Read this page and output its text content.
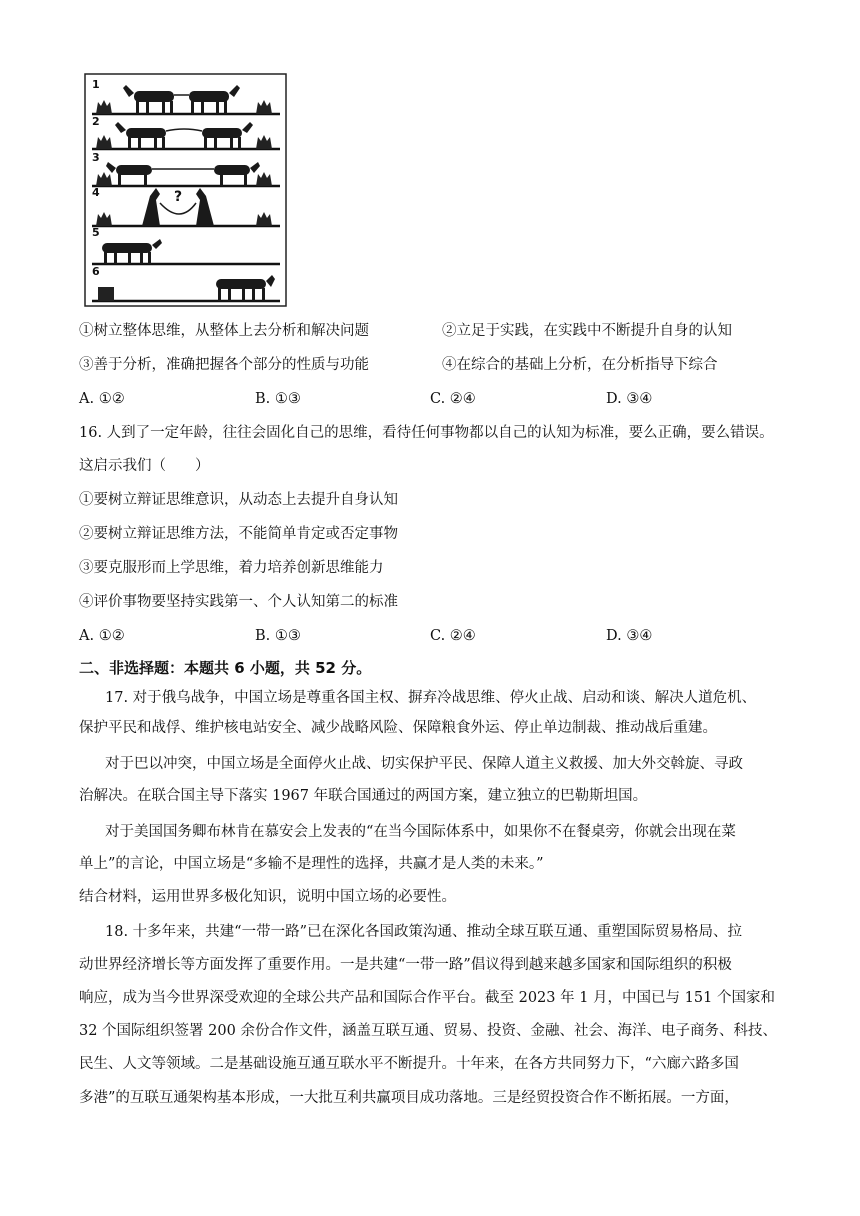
?
1
2
3
4
5
6
①树立整体思维，从整体上去分析和解决问题	②立足于实践，在实践中不断提升自身的认知
③善于分析，准确把握各个部分的性质与功能	④在综合的基础上分析，在分析指导下综合
A. ①②	B. ①③	C. ②④	D. ③④
16. 人到了一定年龄，往往会固化自己的思维，看待任何事物都以自己的认知为标准，要么正确，要么错误。
这启示我们（　　）
①要树立辩证思维意识，从动态上去提升自身认知
②要树立辩证思维方法，不能简单肯定或否定事物
③要克服形而上学思维，着力培养创新思维能力
④评价事物要坚持实践第一、个人认知第二的标准
A. ①②	B. ①③	C. ②④	D. ③④
二、非选择题：本题共 6 小题，共 52 分。
17. 对于俄乌战争，中国立场是尊重各国主权、摒弃冷战思维、停火止战、启动和谈、解决人道危机、
保护平民和战俘、维护核电站安全、减少战略风险、保障粮食外运、停止单边制裁、推动战后重建。
对于巴以冲突，中国立场是全面停火止战、切实保护平民、保障人道主义救援、加大外交斡旋、寻政
治解决。在联合国主导下落实 1967 年联合国通过的两国方案，建立独立的巴勒斯坦国。
对于美国国务卿布林肯在慕安会上发表的“在当今国际体系中，如果你不在餐桌旁，你就会出现在菜
单上”的言论，中国立场是“多输不是理性的选择，共赢才是人类的未来。”
结合材料，运用世界多极化知识，说明中国立场的必要性。
18. 十多年来，共建“一带一路”已在深化各国政策沟通、推动全球互联互通、重塑国际贸易格局、拉
动世界经济增长等方面发挥了重要作用。一是共建“一带一路”倡议得到越来越多国家和国际组织的积极
响应，成为当今世界深受欢迎的全球公共产品和国际合作平台。截至 2023 年 1 月，中国已与 151 个国家和
32 个国际组织签署 200 余份合作文件，涵盖互联互通、贸易、投资、金融、社会、海洋、电子商务、科技、
民生、人文等领域。二是基础设施互通互联水平不断提升。十年来，在各方共同努力下，“六廊六路多国
多港”的互联互通架构基本形成，一大批互利共赢项目成功落地。三是经贸投资合作不断拓展。一方面，
